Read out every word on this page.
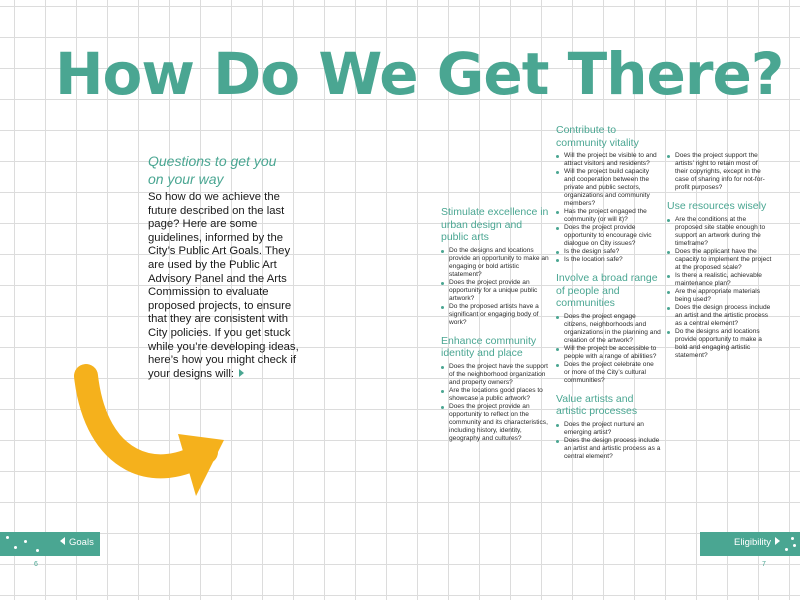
How Do We Get There?
Questions to get you
on your way

So how do we achieve the future described on the last page? Here are some guidelines, informed by the City’s Public Art Goals. They are used by the Public Art Advisory Panel and the Arts Commission to evaluate proposed projects, to ensure that they are consistent with City policies. If you get stuck while you’re developing ideas, here’s how you might check if your designs will:

Stimulate excellence in urban design and public arts
Do the designs and locations provide an opportunity to make an engaging or bold artistic statement?
Does the project provide an opportunity for a unique public artwork?
Do the proposed artists have a significant or engaging body of work?
Enhance community identity and place
Does the project have the support of the neighborhood organization and property owners?
Are the locations good places to showcase a public artwork?
Does the project provide an opportunity to reflect on the community and its characteristics, including history, identity, geography and cultures?
Contribute to community vitality
Will the project be visible to and attract visitors and residents?
Will the project build capacity and cooperation between the private and public sectors, organizations and community members?
Has the project engaged the community (or will it)?
Does the project provide opportunity to encourage civic dialogue on City issues?
Is the design safe?
Is the location safe?
Involve a broad range of people and communities
Does the project engage citizens, neighborhoods and organizations in the planning and creation of the artwork?
Will the project be accessible to people with a range of abilities?
Does the project celebrate one or more of the City’s cultural communities?
Value artists and artistic processes
Does the project nurture an emerging artist?
Does the design process include an artist and artistic process as a central element?
Does the project support the artists’ right to retain most of their copyrights, except in the case of sharing info for not-for-profit purposes?
Use resources wisely
Are the conditions at the proposed site stable enough to support an artwork during the timeframe?
Does the applicant have the capacity to implement the project at the proposed scale?
Is there a realistic, achievable maintenance plan?
Are the appropriate materials being used?
Does the design process include an artist and the artistic process as a central element?
Do the designs and locations provide opportunity to make a bold and engaging artistic statement?
Goals	Eligibility
6	7
